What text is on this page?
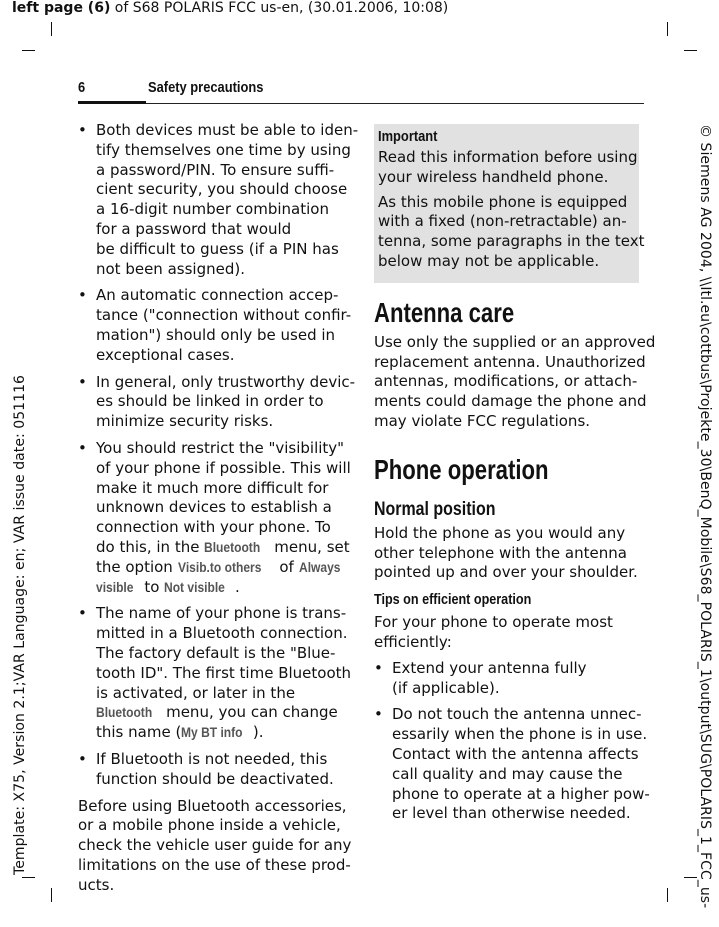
left page (6) of S68 POLARIS FCC us-en, (30.01.2006, 10:08)
Template: X75, Version 2.1;VAR Language: en; VAR issue date: 051116	© Siemens AG 2004, \\Itl.eu\cottbus\Projekte_30\BenQ_Mobile\S68_POLARIS_1\output\SUG\POLARIS_1_FCC_us-
6	Safety precautions
• Both devices must be able to iden-
tify themselves one time by using
a password/PIN. To ensure suffi-
cient security, you should choose
a 16-digit number combination
for a password that would
be difficult to guess (if a PIN has
not been assigned).
• An automatic connection accep-
tance ("connection without confir-
mation") should only be used in
exceptional cases.
• In general, only trustworthy devic-
es should be linked in order to
minimize security risks.
• You should restrict the "visibility"
of your phone if possible. This will
make it much more difficult for
unknown devices to establish a
connection with your phone. To
do this, in the Bluetooth menu, set
the option Visib.to others of Always
visible to Not visible .
• The name of your phone is trans-
mitted in a Bluetooth connection.
The factory default is the "Blue-
tooth ID". The first time Bluetooth
is activated, or later in the
Bluetooth menu, you can change
this name (My BT info ).
• If Bluetooth is not needed, this
function should be deactivated.

Before using Bluetooth accessories,
or a mobile phone inside a vehicle,
check the vehicle user guide for any
limitations on the use of these prod-
ucts.

Important

Read this information before using
your wireless handheld phone.

As this mobile phone is equipped
with a fixed (non-retractable) an-
tenna, some paragraphs in the text
below may not be applicable.

Antenna care

Use only the supplied or an approved
replacement antenna. Unauthorized
antennas, modifications, or attach-
ments could damage the phone and
may violate FCC regulations.

Phone operation
Normal position

Hold the phone as you would any
other telephone with the antenna
pointed up and over your shoulder.

Tips on efficient operation

For your phone to operate most
efficiently:

• Extend your antenna fully
(if applicable).
• Do not touch the antenna unnec-
essarily when the phone is in use.
Contact with the antenna affects
call quality and may cause the
phone to operate at a higher pow-
er level than otherwise needed.
